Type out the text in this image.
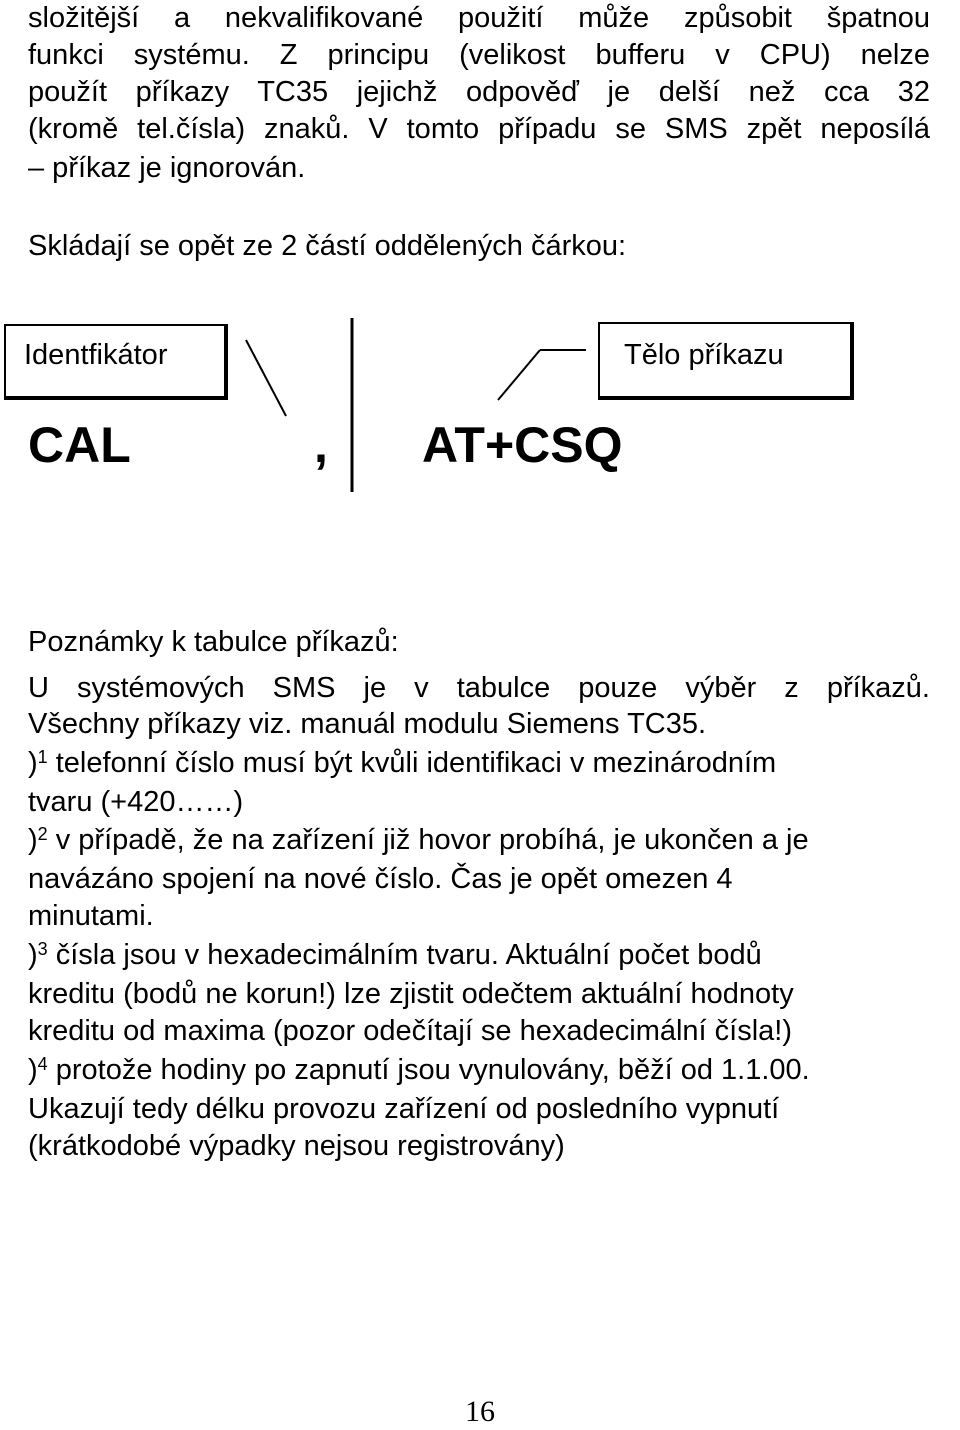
složitější a nekvalifikované použití může způsobit špatnou
funkci systému. Z principu (velikost bufferu v CPU) nelze
použít příkazy TC35 jejichž odpověď je delší než cca 32
(kromě tel.čísla) znaků. V tomto případu se SMS zpět neposílá
– příkaz je ignorován.
Skládají se opět ze 2 částí oddělených čárkou:
Identfikátor	Tělo příkazu
CAL	, AT+CSQ
Poznámky k tabulce příkazů:
U systémových SMS je v tabulce pouze výběr z příkazů.
Všechny příkazy viz. manuál modulu Siemens TC35.
)$^1$ telefonní číslo musí být kvůli identifikaci v mezinárodním
tvaru (+420……)
)$^2$ v případě, že na zařízení již hovor probíhá, je ukončen a je
navázáno spojení na nové číslo. Čas je opět omezen 4
minutami.
)$^3$ čísla jsou v hexadecimálním tvaru. Aktuální počet bodů
kreditu (bodů ne korun!) lze zjistit odečtem aktuální hodnoty
kreditu od maxima (pozor odečítají se hexadecimální čísla!)
)$^4$ protože hodiny po zapnutí jsou vynulovány, běží od 1.1.00.
Ukazují tedy délku provozu zařízení od posledního vypnutí
(krátkodobé výpadky nejsou registrovány)
16
